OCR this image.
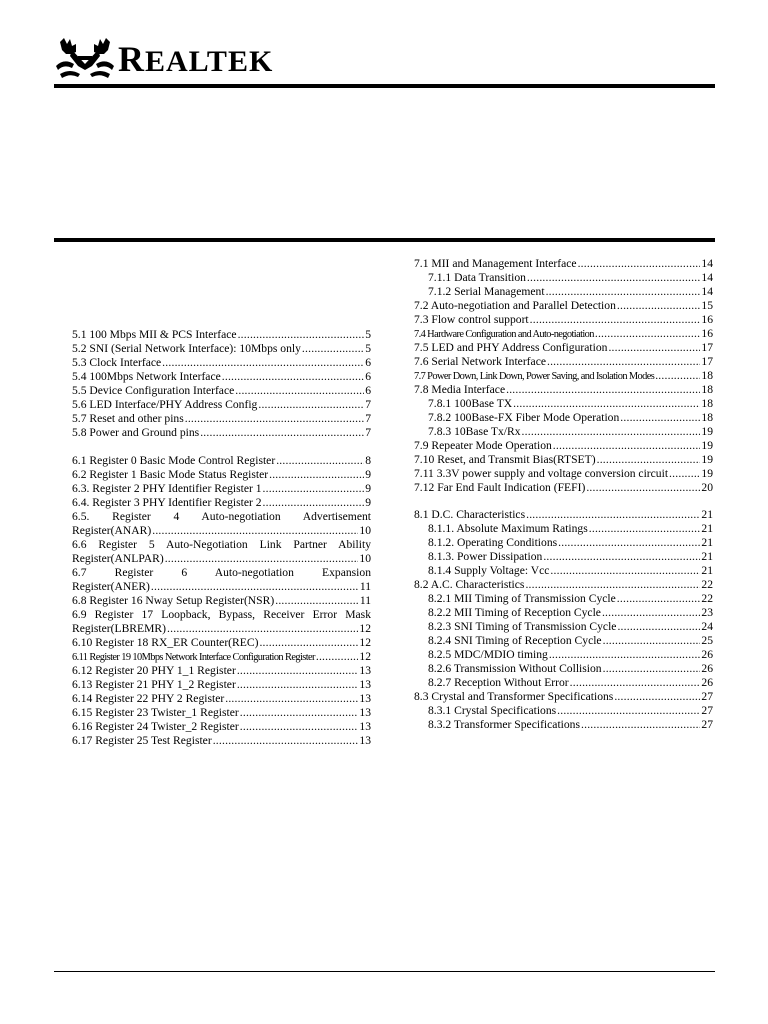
REALTEK
5.1 100 Mbps MII & PCS Interface .....	5
5.2 SNI (Serial Network Interface): 10Mbps only .....	5
5.3 Clock Interface .....	6
5.4 100Mbps Network Interface .....	6
5.5 Device Configuration Interface .....	6
5.6 LED Interface/PHY Address Config .....	7
5.7 Reset and other pins .....	7
5.8 Power and Ground pins .....	7
6.1 Register 0 Basic Mode Control Register .....	8
6.2 Register 1 Basic Mode Status Register .....	9
6.3. Register 2 PHY Identifier Register 1 .....	9
6.4. Register 3 PHY Identifier Register 2 .....	9
6.5. Register 4 Auto-negotiation Advertisement
Register(ANAR) .....	10
6.6 Register 5 Auto-Negotiation Link Partner Ability
Register(ANLPAR) .....	10
6.7 Register 6 Auto-negotiation Expansion
Register(ANER) .....	11
6.8 Register 16 Nway Setup Register(NSR) .....	11
6.9 Register 17 Loopback, Bypass, Receiver Error Mask
Register(LBREMR) .....	12
6.10 Register 18 RX_ER Counter(REC) .....	12
6.11 Register 19 10Mbps Network Interface Configuration Register .....	12
6.12 Register 20 PHY 1_1 Register .....	13
6.13 Register 21 PHY 1_2 Register .....	13
6.14 Register 22 PHY 2 Register .....	13
6.15 Register 23 Twister_1 Register .....	13
6.16 Register 24 Twister_2 Register .....	13
6.17 Register 25 Test Register .....	13
7.1 MII and Management Interface .....	14
7.1.1 Data Transition .....	14
7.1.2 Serial Management .....	14
7.2 Auto-negotiation and Parallel Detection .....	15
7.3 Flow control support .....	16
7.4 Hardware Configuration and Auto-negotiation .....	16
7.5 LED and PHY Address Configuration .....	17
7.6 Serial Network Interface .....	17
7.7 Power Down, Link Down, Power Saving, and Isolation Modes .....	18
7.8 Media Interface .....	18
7.8.1 100Base TX .....	18
7.8.2 100Base-FX Fiber Mode Operation .....	18
7.8.3 10Base Tx/Rx .....	19
7.9 Repeater Mode Operation .....	19
7.10 Reset, and Transmit Bias(RTSET) .....	19
7.11 3.3V power supply and voltage conversion circuit .....	19
7.12 Far End Fault Indication (FEFI) .....	20
8.1 D.C. Characteristics .....	21
8.1.1. Absolute Maximum Ratings .....	21
8.1.2. Operating Conditions .....	21
8.1.3. Power Dissipation .....	21
8.1.4 Supply Voltage: Vcc .....	21
8.2 A.C. Characteristics .....	22
8.2.1 MII Timing of Transmission Cycle .....	22
8.2.2 MII Timing of Reception Cycle .....	23
8.2.3 SNI Timing of Transmission Cycle .....	24
8.2.4 SNI Timing of Reception Cycle .....	25
8.2.5 MDC/MDIO timing .....	26
8.2.6 Transmission Without Collision .....	26
8.2.7 Reception Without Error .....	26
8.3 Crystal and Transformer Specifications .....	27
8.3.1 Crystal Specifications .....	27
8.3.2 Transformer Specifications .....	27
